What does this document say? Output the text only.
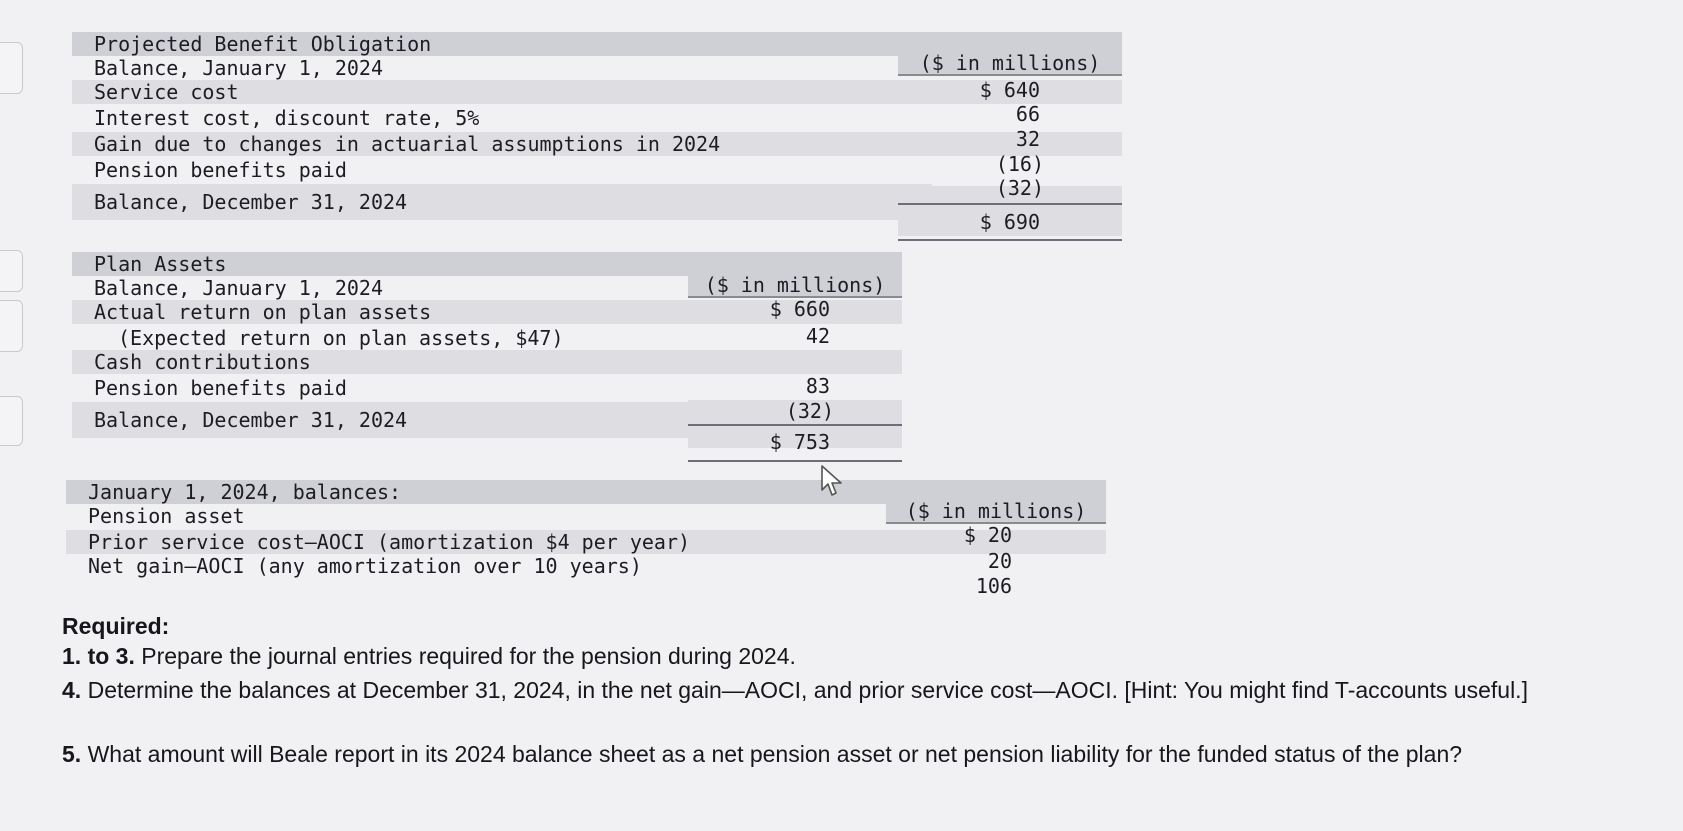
Projected Benefit Obligation
Balance, January 1, 2024
Service cost
Interest cost, discount rate, 5%
Gain due to changes in actuarial assumptions in 2024
Pension benefits paid
Balance, December 31, 2024
($ in millions)
$ 640
66
32
(16)
(32)
$ 690
Plan Assets
Balance, January 1, 2024
Actual return on plan assets
(Expected return on plan assets, $47)
Cash contributions
Pension benefits paid
Balance, December 31, 2024
($ in millions)
$ 660
42
83
(32)
$ 753
January 1, 2024, balances:
Pension asset
Prior service cost–AOCI (amortization $4 per year)
Net gain–AOCI (any amortization over 10 years)
($ in millions)
$ 20
20
106
Required:
1. to 3. Prepare the journal entries required for the pension during 2024.
4. Determine the balances at December 31, 2024, in the net gain—AOCI, and prior service cost—AOCI. [Hint: You might find T-accounts useful.]
5. What amount will Beale report in its 2024 balance sheet as a net pension asset or net pension liability for the funded status of the plan?
